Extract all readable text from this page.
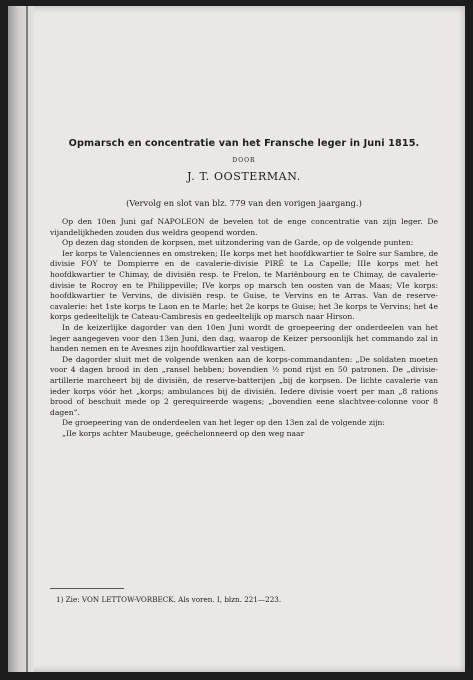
Opmarsch en concentratie van het Fransche leger in Juni 1815.
DOOR
J. T. OOSTERMAN.
(Vervolg en slot van blz. 779 van den vorigen jaargang.)

Op den 10en Juni gaf NAPOLEON de bevelen tot de enge concentratie van zijn leger. De vijandelijkheden zouden dus weldra geopend worden.

Op dezen dag stonden de korpsen, met uitzondering van de Garde, op de volgende punten:

Ier korps te Valenciennes en omstreken; IIe korps met het hoofdkwartier te Solre sur Sambre, de divisie FOY te Dompierre en de cavalerie-divisie PIRÉ te La Capelle; IIIe korps met het hoofdkwartier te Chimay, de divisiën resp. te Frelon, te Mariënbourg en te Chimay, de cavalerie-divisie te Rocroy en te Philippeville; IVe korps op marsch ten oosten van de Maas; VIe korps: hoofdkwartier te Vervins, de divisiën resp. te Guise, te Vervins en te Arras. Van de reserve-cavalerie: het 1ste korps te Laon en te Marle; het 2e korps te Guise; het 3e korps te Vervins; het 4e korps gedeeltelijk te Cateau-Cambresis en gedeeltelijk op marsch naar Hirson.

In de keizerlijke dagorder van den 10en Juni wordt de groepeering der onderdeelen van het leger aangegeven voor den 13en Juni, den dag, waarop de Keizer persoonlijk het commando zal in handen nemen en te Avesnes zijn hoofdkwartier zal vestigen.

De dagorder sluit met de volgende wenken aan de korps-commandanten: „De soldaten moeten voor 4 dagen brood in den „ransel hebben; bovendien ½ pond rijst en 50 patronen. De „divisie-artillerie marcheert bij de divisiën, de reserve-batterijen „bij de korpsen. De lichte cavalerie van ieder korps vóór het „korps; ambulances bij de divisiën. Iedere divisie voert per man „8 rations brood of beschuit mede op 2 gerequireerde wagens; „bovendien eene slachtvee-colonne voor 8 dagen”.

De groepeering van de onderdeelen van het leger op den 13en zal de volgende zijn:

„IIe korps achter Maubeuge, geëchelonneerd op den weg naar

1) Zie: VON LETTOW-VORBECK. Als voren. I, blzn. 221—223.
